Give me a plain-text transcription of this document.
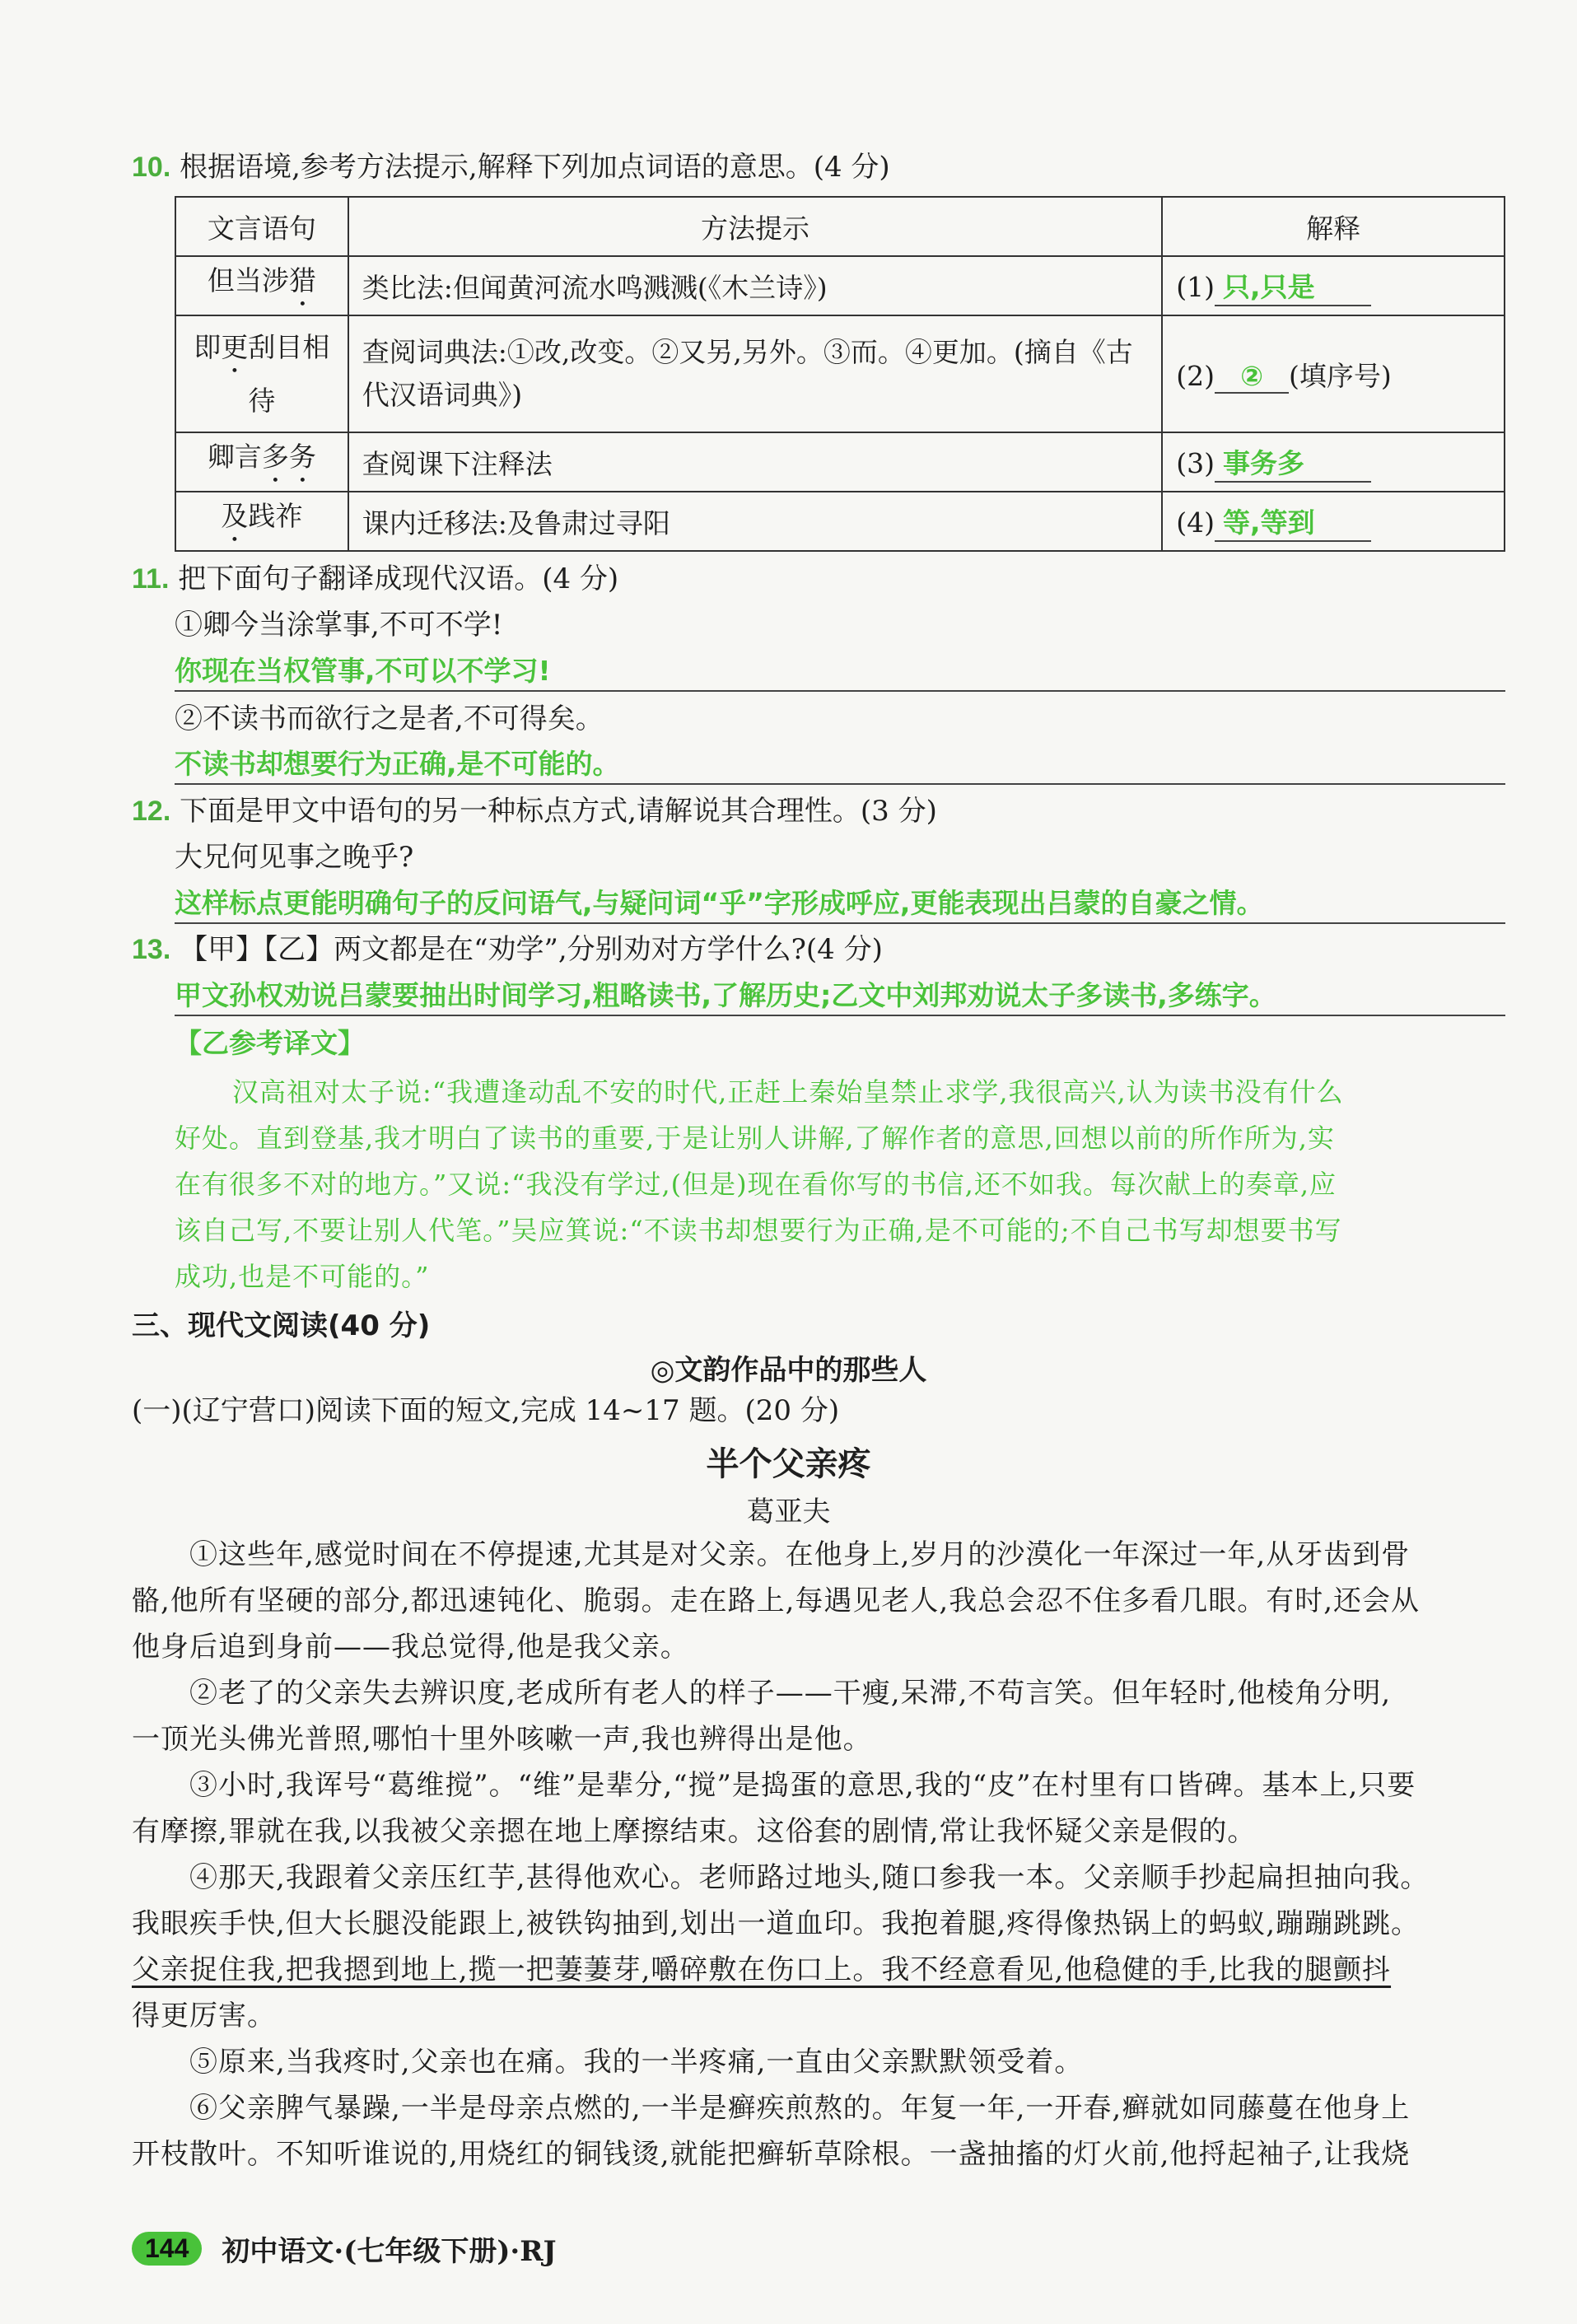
10. 根据语境,参考方法提示,解释下列加点词语的意思。(4 分)
文言语句	方法提示	解释
但当涉猎	类比法:但闻黄河流水鸣溅溅(《木兰诗》)	(1) 只,只是
即更刮目相待	查阅词典法:①改,改变。②又另,另外。③而。④更加。(摘自《古代汉语词典》)	(2) ② (填序号)
卿言多务	查阅课下注释法	(3) 事务多
及践祚	课内迁移法:及鲁肃过寻阳	(4) 等,等到
11. 把下面句子翻译成现代汉语。(4 分)
①卿今当涂掌事,不可不学!
你现在当权管事,不可以不学习!
②不读书而欲行之是者,不可得矣。
不读书却想要行为正确,是不可能的。
12. 下面是甲文中语句的另一种标点方式,请解说其合理性。(3 分)
大兄何见事之晚乎?
这样标点更能明确句子的反问语气,与疑问词“乎”字形成呼应,更能表现出吕蒙的自豪之情。
13. 【甲】【乙】两文都是在“劝学”,分别劝对方学什么?(4 分)
甲文孙权劝说吕蒙要抽出时间学习,粗略读书,了解历史;乙文中刘邦劝说太子多读书,多练字。
【乙参考译文】
汉高祖对太子说:“我遭逢动乱不安的时代,正赶上秦始皇禁止求学,我很高兴,认为读书没有什么
好处。直到登基,我才明白了读书的重要,于是让别人讲解,了解作者的意思,回想以前的所作所为,实
在有很多不对的地方。”又说:“我没有学过,(但是)现在看你写的书信,还不如我。每次献上的奏章,应
该自己写,不要让别人代笔。”吴应箕说:“不读书却想要行为正确,是不可能的;不自己书写却想要书写
成功,也是不可能的。”
三、现代文阅读(40 分)
◎文韵作品中的那些人
(一)(辽宁营口)阅读下面的短文,完成 14~17 题。(20 分)
半个父亲疼
葛亚夫
①这些年,感觉时间在不停提速,尤其是对父亲。在他身上,岁月的沙漠化一年深过一年,从牙齿到骨
骼,他所有坚硬的部分,都迅速钝化、脆弱。走在路上,每遇见老人,我总会忍不住多看几眼。有时,还会从
他身后追到身前——我总觉得,他是我父亲。
②老了的父亲失去辨识度,老成所有老人的样子——干瘦,呆滞,不苟言笑。但年轻时,他棱角分明,
一顶光头佛光普照,哪怕十里外咳嗽一声,我也辨得出是他。
③小时,我诨号“葛维搅”。“维”是辈分,“搅”是捣蛋的意思,我的“皮”在村里有口皆碑。基本上,只要
有摩擦,罪就在我,以我被父亲摁在地上摩擦结束。这俗套的剧情,常让我怀疑父亲是假的。
④那天,我跟着父亲压红芋,甚得他欢心。老师路过地头,随口参我一本。父亲顺手抄起扁担抽向我。
我眼疾手快,但大长腿没能跟上,被铁钩抽到,划出一道血印。我抱着腿,疼得像热锅上的蚂蚁,蹦蹦跳跳。
父亲捉住我,把我摁到地上,揽一把萋萋芽,嚼碎敷在伤口上。我不经意看见,他稳健的手,比我的腿颤抖
得更厉害。
⑤原来,当我疼时,父亲也在痛。我的一半疼痛,一直由父亲默默领受着。
⑥父亲脾气暴躁,一半是母亲点燃的,一半是癣疾煎熬的。年复一年,一开春,癣就如同藤蔓在他身上
开枝散叶。不知听谁说的,用烧红的铜钱烫,就能把癣斩草除根。一盏抽搐的灯火前,他捋起袖子,让我烧
144	初中语文·(七年级下册)·RJ
